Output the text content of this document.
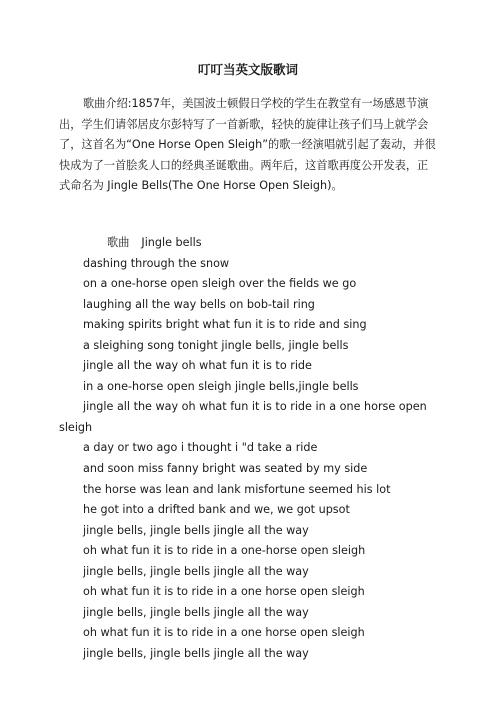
叮叮当英文版歌词

歌曲介绍:1857年，美国波士顿假日学校的学生在教堂有一场感恩节演出，学生们请邻居皮尔彭特写了一首新歌，轻快的旋律让孩子们马上就学会了，这首名为“One Horse Open Sleigh”的歌一经演唱就引起了轰动，并很快成为了一首脍炙人口的经典圣诞歌曲。两年后，这首歌再度公开发表，正式命名为 Jingle Bells(The One Horse Open Sleigh)。

歌曲 Jingle bells
dashing through the snow
on a one-horse open sleigh over the fields we go
laughing all the way bells on bob-tail ring
making spirits bright what fun it is to ride and sing
a sleighing song tonight jingle bells, jingle bells
jingle all the way oh what fun it is to ride
in a one-horse open sleigh jingle bells,jingle bells
jingle all the way oh what fun it is to ride in a one horse open sleigh
a day or two ago i thought i "d take a ride
and soon miss fanny bright was seated by my side
the horse was lean and lank misfortune seemed his lot
he got into a drifted bank and we, we got upsot
jingle bells, jingle bells jingle all the way
oh what fun it is to ride in a one-horse open sleigh
jingle bells, jingle bells jingle all the way
oh what fun it is to ride in a one horse open sleigh
jingle bells, jingle bells jingle all the way
oh what fun it is to ride in a one horse open sleigh
jingle bells, jingle bells jingle all the way
